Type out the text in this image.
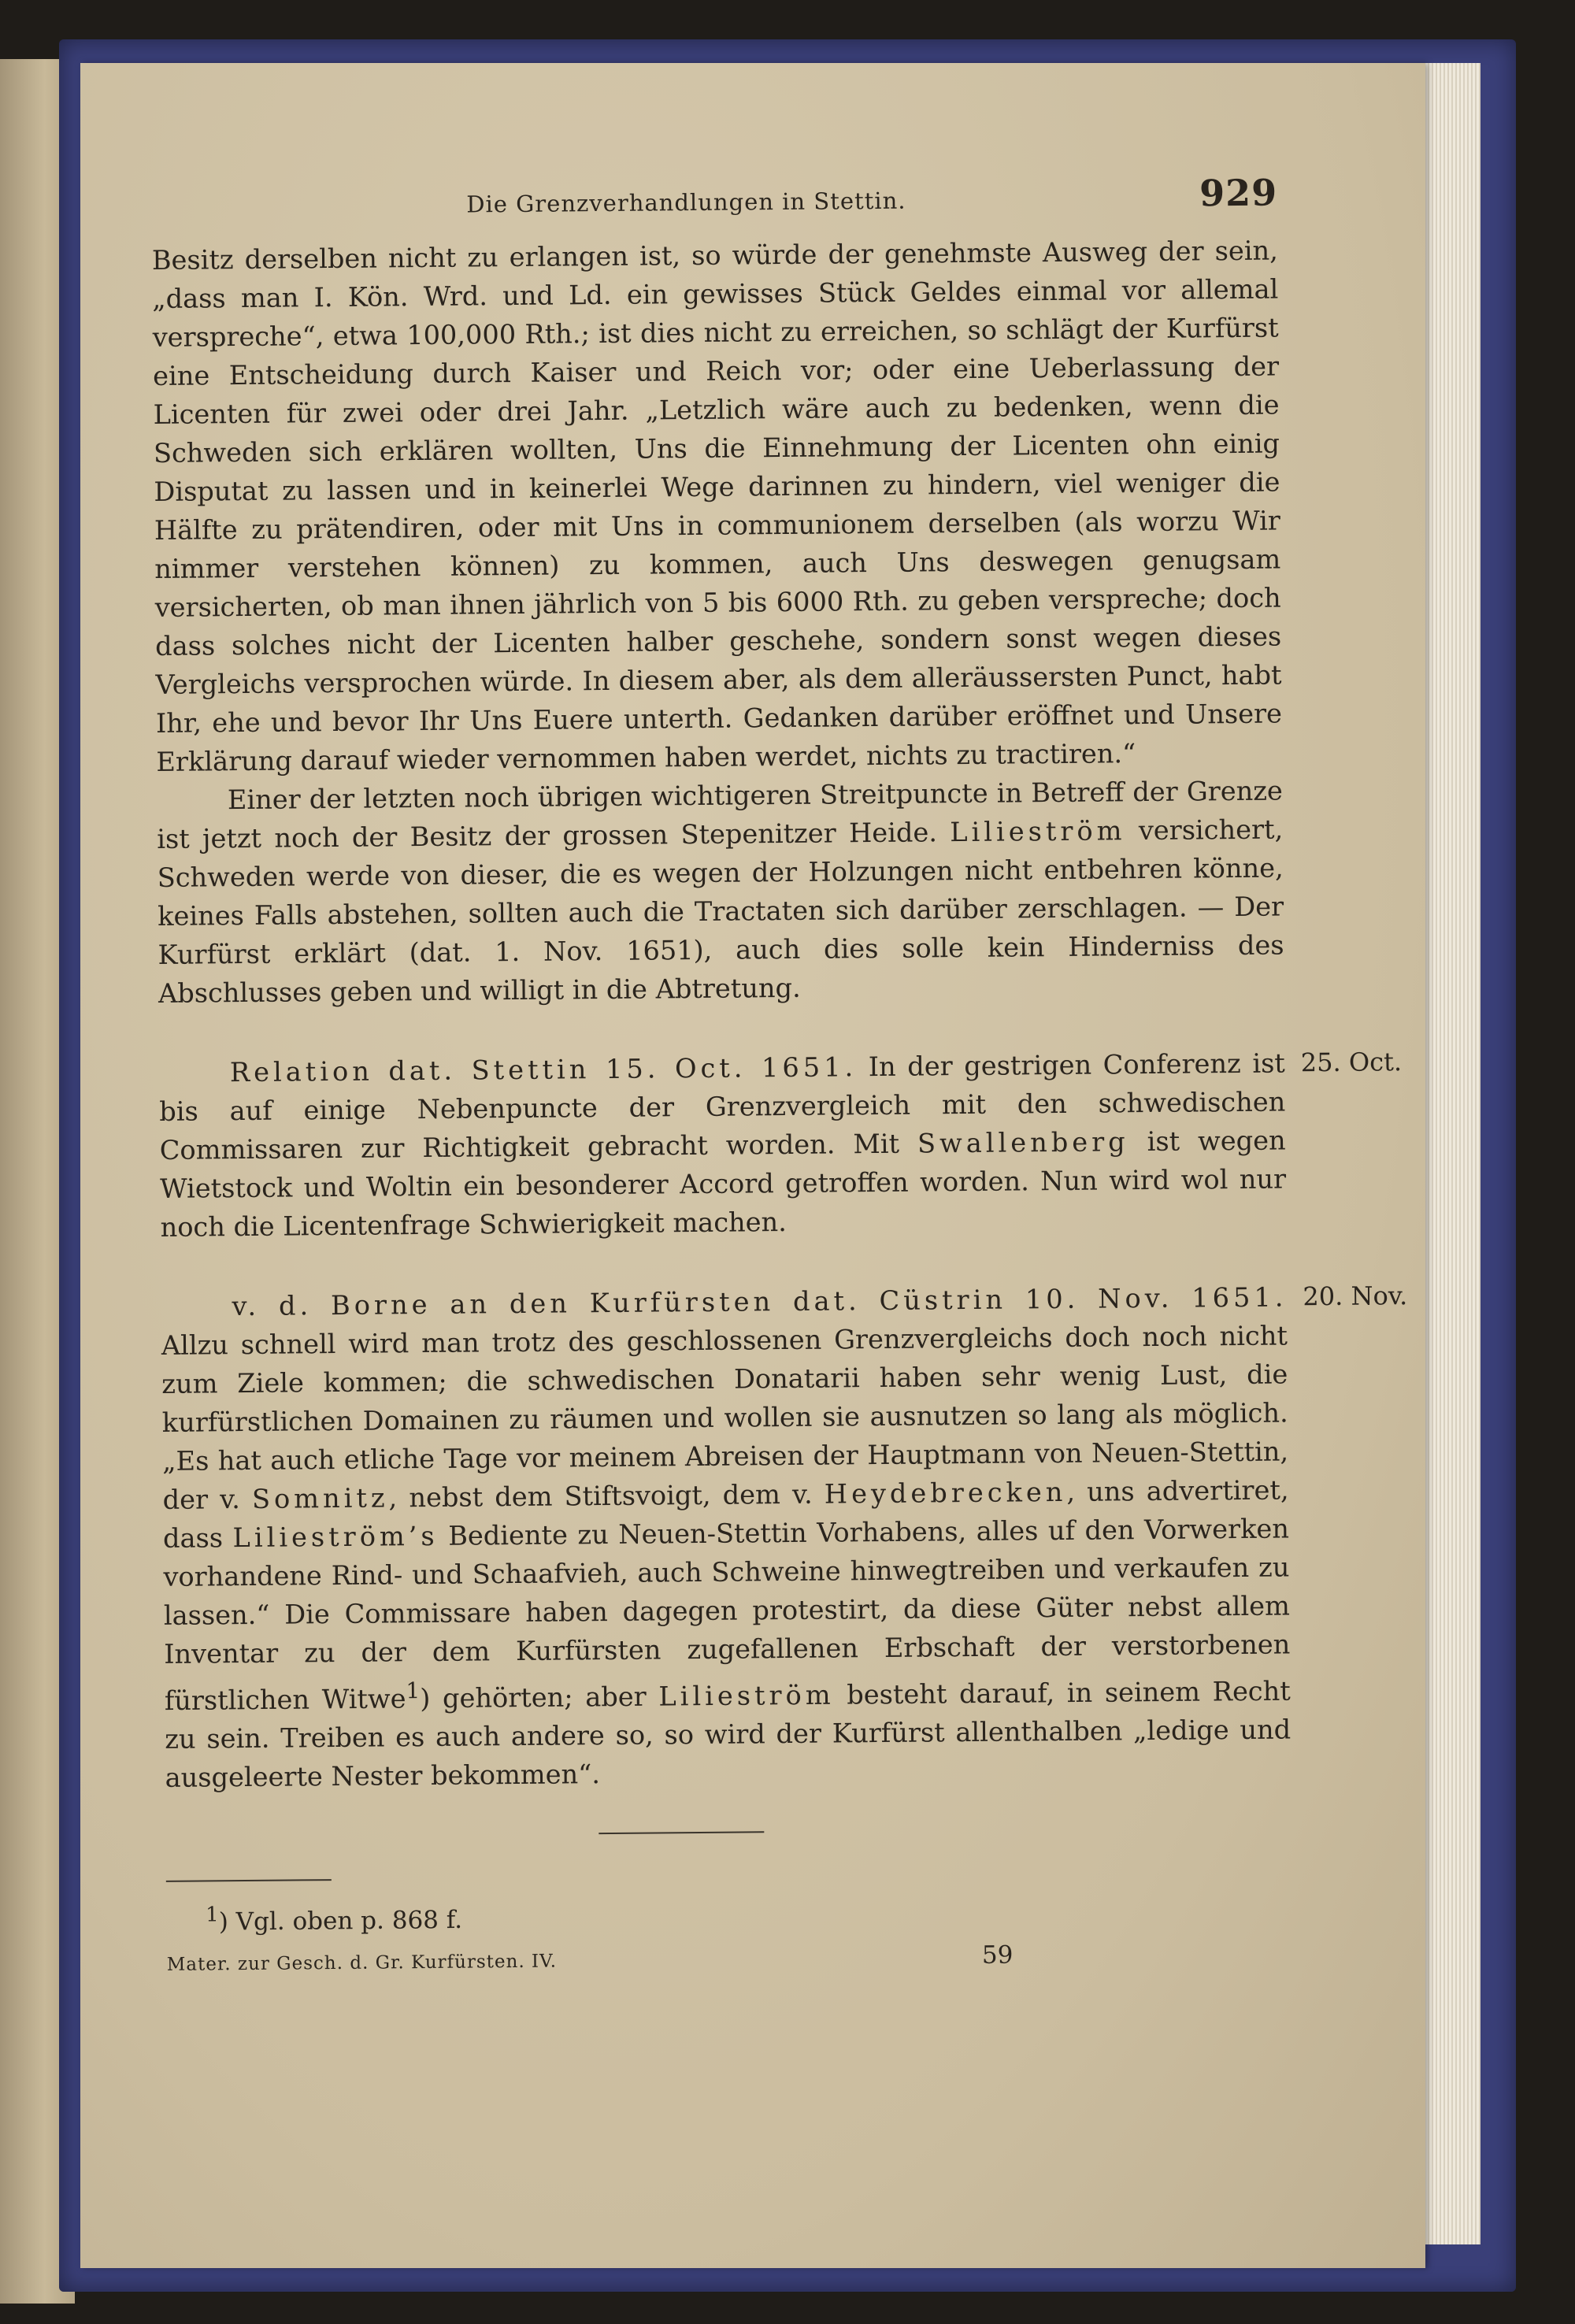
Die Grenzverhandlungen in Stettin.	929

Besitz derselben nicht zu erlangen ist, so würde der genehmste Ausweg der sein, „dass man I. Kön. Wrd. und Ld. ein gewisses Stück Geldes einmal vor allemal verspreche“, etwa 100,000 Rth.; ist dies nicht zu erreichen, so schlägt der Kurfürst eine Entscheidung durch Kaiser und Reich vor; oder eine Ueberlassung der Licenten für zwei oder drei Jahr. „Letzlich wäre auch zu bedenken, wenn die Schweden sich erklären wollten, Uns die Einnehmung der Licenten ohn einig Disputat zu lassen und in keinerlei Wege darinnen zu hindern, viel weniger die Hälfte zu prätendiren, oder mit Uns in communionem derselben (als worzu Wir nimmer verstehen können) zu kommen, auch Uns deswegen genugsam versicherten, ob man ihnen jährlich von 5 bis 6000 Rth. zu geben verspreche; doch dass solches nicht der Licenten halber geschehe, sondern sonst wegen dieses Vergleichs versprochen würde. In diesem aber, als dem alleräussersten Punct, habt Ihr, ehe und bevor Ihr Uns Euere unterth. Gedanken darüber eröffnet und Unsere Erklärung darauf wieder vernommen haben werdet, nichts zu tractiren.“

Einer der letzten noch übrigen wichtigeren Streitpuncte in Betreff der Grenze ist jetzt noch der Besitz der grossen Stepenitzer Heide. Lilieström versichert, Schweden werde von dieser, die es wegen der Holzungen nicht entbehren könne, keines Falls abstehen, sollten auch die Tractaten sich darüber zerschlagen. — Der Kurfürst erklärt (dat. 1. Nov. 1651), auch dies solle kein Hinderniss des Abschlusses geben und willigt in die Abtretung.

25. Oct.

Relation dat. Stettin 15. Oct. 1651. In der gestrigen Conferenz ist bis auf einige Nebenpuncte der Grenzvergleich mit den schwedischen Commissaren zur Richtigkeit gebracht worden. Mit Swallenberg ist wegen Wietstock und Woltin ein besonderer Accord getroffen worden. Nun wird wol nur noch die Licentenfrage Schwierigkeit machen.

20. Nov.

v. d. Borne an den Kurfürsten dat. Cüstrin 10. Nov. 1651. Allzu schnell wird man trotz des geschlossenen Grenzvergleichs doch noch nicht zum Ziele kommen; die schwedischen Donatarii haben sehr wenig Lust, die kurfürstlichen Domainen zu räumen und wollen sie ausnutzen so lang als möglich. „Es hat auch etliche Tage vor meinem Abreisen der Hauptmann von Neuen-Stettin, der v. Somnitz, nebst dem Stiftsvoigt, dem v. Heydebrecken, uns advertiret, dass Lilieström’s Bediente zu Neuen-Stettin Vorhabens, alles uf den Vorwerken vorhandene Rind- und Schaafvieh, auch Schweine hinwegtreiben und verkaufen zu lassen.“ Die Commissare haben dagegen protestirt, da diese Güter nebst allem Inventar zu der dem Kurfürsten zugefallenen Erbschaft der verstorbenen fürstlichen Witwe$^1$) gehörten; aber Lilieström besteht darauf, in seinem Recht zu sein. Treiben es auch andere so, so wird der Kurfürst allenthalben „ledige und ausgeleerte Nester bekommen“.

$^1$) Vgl. oben p. 868 f.
Mater. zur Gesch. d. Gr. Kurfürsten. IV.	59
